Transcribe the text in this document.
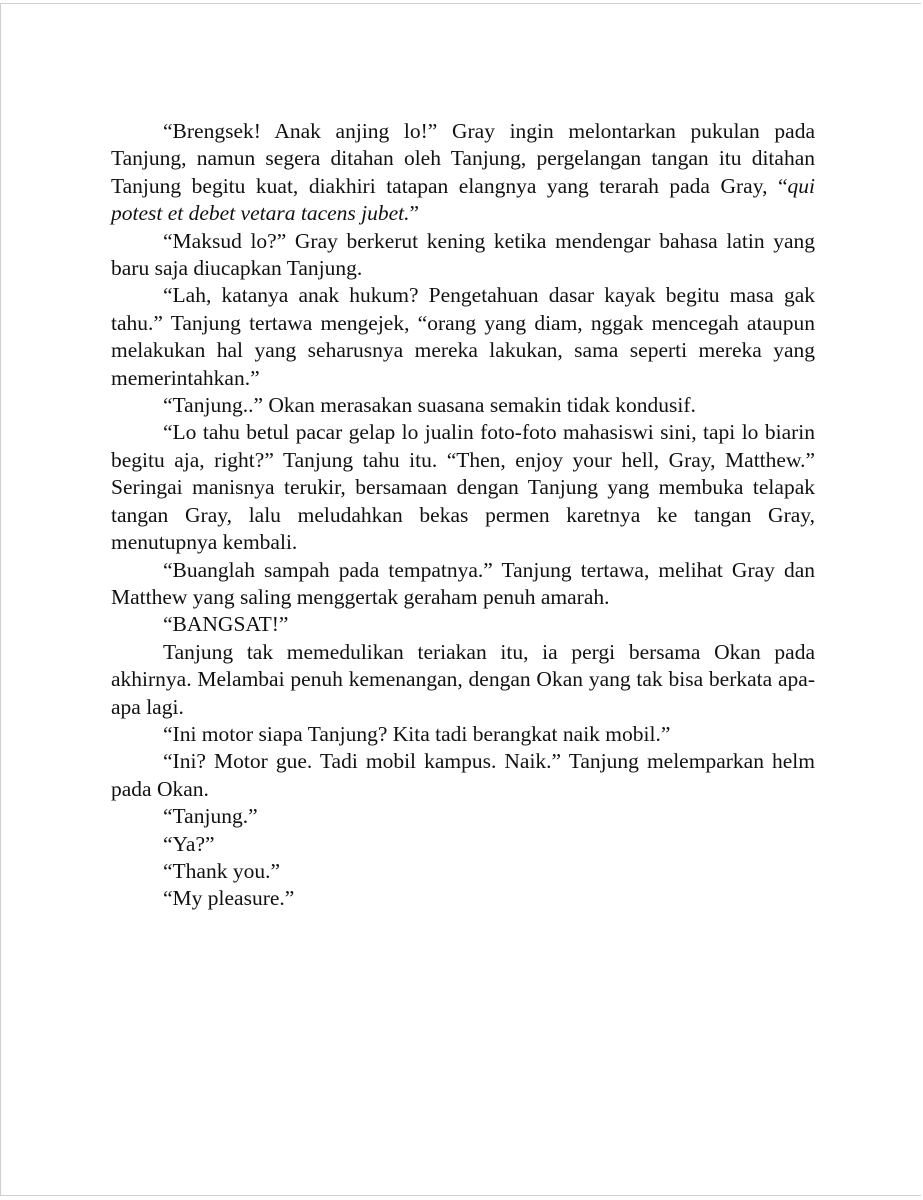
“Brengsek! Anak anjing lo!” Gray ingin melontarkan pukulan pada Tanjung, namun segera ditahan oleh Tanjung, pergelangan tangan itu ditahan Tanjung begitu kuat, diakhiri tatapan elangnya yang terarah pada Gray, “qui potest et debet vetara tacens jubet.”

“Maksud lo?” Gray berkerut kening ketika mendengar bahasa latin yang baru saja diucapkan Tanjung.

“Lah, katanya anak hukum? Pengetahuan dasar kayak begitu masa gak tahu.” Tanjung tertawa mengejek, “orang yang diam, nggak mencegah ataupun melakukan hal yang seharusnya mereka lakukan, sama seperti mereka yang memerintahkan.”

“Tanjung..” Okan merasakan suasana semakin tidak kondusif.

“Lo tahu betul pacar gelap lo jualin foto-foto mahasiswi sini, tapi lo biarin begitu aja, right?” Tanjung tahu itu. “Then, enjoy your hell, Gray, Matthew.” Seringai manisnya terukir, bersamaan dengan Tanjung yang membuka telapak tangan Gray, lalu meludahkan bekas permen karetnya ke tangan Gray, menutupnya kembali.

“Buanglah sampah pada tempatnya.” Tanjung tertawa, melihat Gray dan Matthew yang saling menggertak geraham penuh amarah.

“BANGSAT!”

Tanjung tak memedulikan teriakan itu, ia pergi bersama Okan pada akhirnya. Melambai penuh kemenangan, dengan Okan yang tak bisa berkata apa-apa lagi.

“Ini motor siapa Tanjung? Kita tadi berangkat naik mobil.”

“Ini? Motor gue. Tadi mobil kampus. Naik.” Tanjung melemparkan helm pada Okan.

“Tanjung.”

“Ya?”

“Thank you.”

“My pleasure.”
